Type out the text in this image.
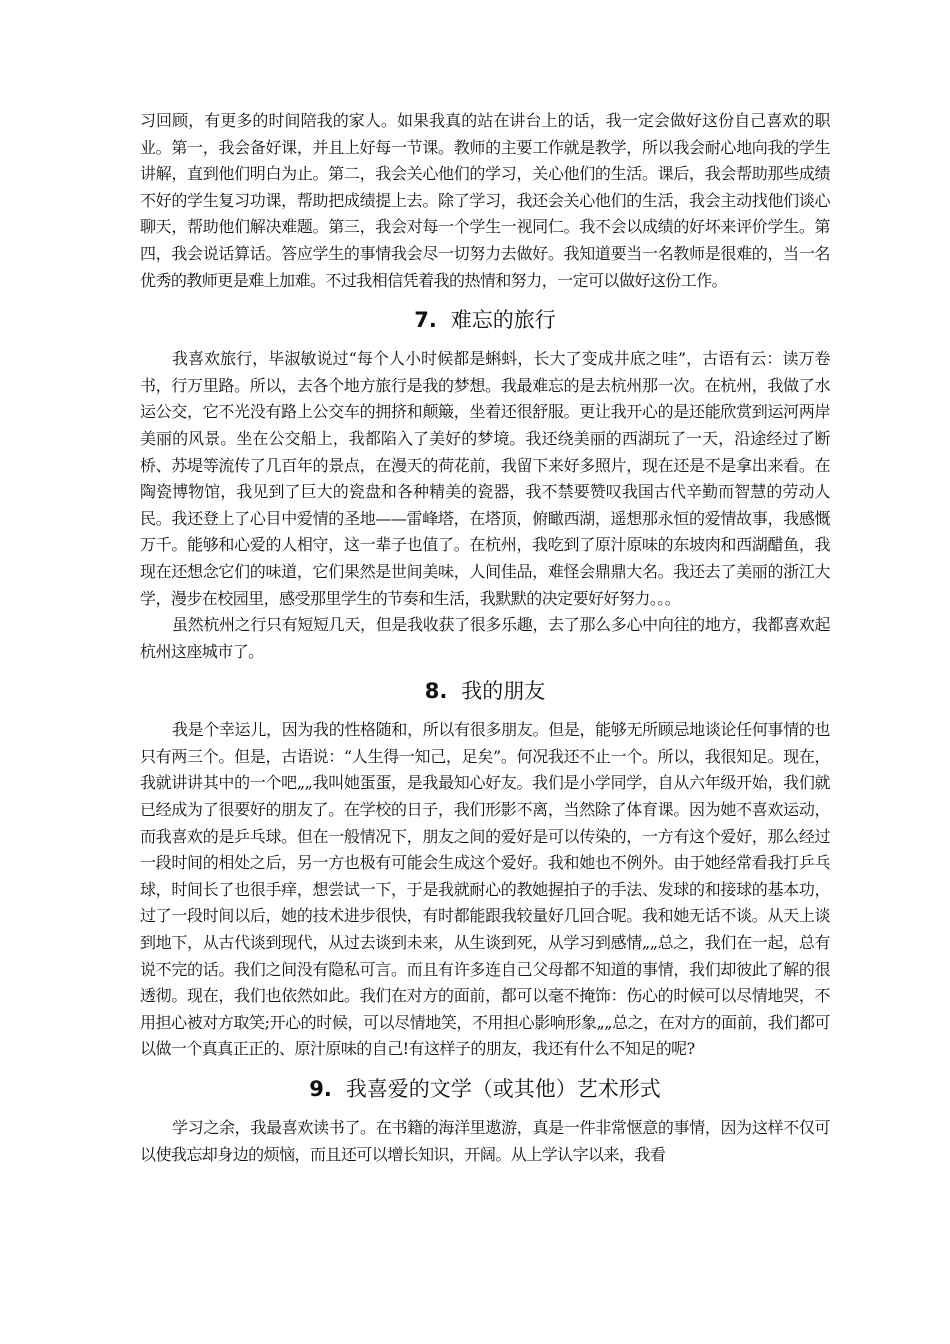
习回顾，有更多的时间陪我的家人。如果我真的站在讲台上的话，我一定会做好这份自己喜欢的职业。第一，我会备好课，并且上好每一节课。教师的主要工作就是教学，所以我会耐心地向我的学生讲解，直到他们明白为止。第二，我会关心他们的学习，关心他们的生活。课后，我会帮助那些成绩不好的学生复习功课，帮助把成绩提上去。除了学习，我还会关心他们的生活，我会主动找他们谈心聊天，帮助他们解决难题。第三，我会对每一个学生一视同仁。我不会以成绩的好坏来评价学生。第四，我会说话算话。答应学生的事情我会尽一切努力去做好。我知道要当一名教师是很难的，当一名优秀的教师更是难上加难。不过我相信凭着我的热情和努力，一定可以做好这份工作。

7. 难忘的旅行

我喜欢旅行，毕淑敏说过“每个人小时候都是蝌蚪，长大了变成井底之哇”，古语有云：读万卷书，行万里路。所以，去各个地方旅行是我的梦想。我最难忘的是去杭州那一次。在杭州，我做了水运公交，它不光没有路上公交车的拥挤和颠簸，坐着还很舒服。更让我开心的是还能欣赏到运河两岸美丽的风景。坐在公交船上，我都陷入了美好的梦境。我还绕美丽的西湖玩了一天，沿途经过了断桥、苏堤等流传了几百年的景点，在漫天的荷花前，我留下来好多照片，现在还是不是拿出来看。在陶瓷博物馆，我见到了巨大的瓷盘和各种精美的瓷器，我不禁要赞叹我国古代辛勤而智慧的劳动人民。我还登上了心目中爱情的圣地——雷峰塔，在塔顶，俯瞰西湖，遥想那永恒的爱情故事，我感慨万千。能够和心爱的人相守，这一辈子也值了。在杭州，我吃到了原汁原味的东坡肉和西湖醋鱼，我现在还想念它们的味道，它们果然是世间美味，人间佳品，难怪会鼎鼎大名。我还去了美丽的浙江大学，漫步在校园里，感受那里学生的节奏和生活，我默默的决定要好好努力。。。

虽然杭州之行只有短短几天，但是我收获了很多乐趣，去了那么多心中向往的地方，我都喜欢起杭州这座城市了。

8. 我的朋友

我是个幸运儿，因为我的性格随和，所以有很多朋友。但是，能够无所顾忌地谈论任何事情的也只有两三个。但是，古语说：“人生得一知己，足矣”。何况我还不止一个。所以，我很知足。现在，我就讲讲其中的一个吧„„我叫她蛋蛋，是我最知心好友。我们是小学同学，自从六年级开始，我们就已经成为了很要好的朋友了。在学校的日子，我们形影不离，当然除了体育课。因为她不喜欢运动，而我喜欢的是乒乓球。但在一般情况下，朋友之间的爱好是可以传染的，一方有这个爱好，那么经过一段时间的相处之后，另一方也极有可能会生成这个爱好。我和她也不例外。由于她经常看我打乒乓球，时间长了也很手痒，想尝试一下，于是我就耐心的教她握拍子的手法、发球的和接球的基本功，过了一段时间以后，她的技术进步很快，有时都能跟我较量好几回合呢。我和她无话不谈。从天上谈到地下，从古代谈到现代，从过去谈到未来，从生谈到死，从学习到感情„„总之，我们在一起，总有说不完的话。我们之间没有隐私可言。而且有许多连自己父母都不知道的事情，我们却彼此了解的很透彻。现在，我们也依然如此。我们在对方的面前，都可以毫不掩饰：伤心的时候可以尽情地哭，不用担心被对方取笑;开心的时候，可以尽情地笑，不用担心影响形象„„总之，在对方的面前，我们都可以做一个真真正正的、原汁原味的自己!有这样子的朋友，我还有什么不知足的呢?

9. 我喜爱的文学（或其他）艺术形式

学习之余，我最喜欢读书了。在书籍的海洋里遨游，真是一件非常惬意的事情，因为这样不仅可以使我忘却身边的烦恼，而且还可以增长知识，开阔。从上学认字以来，我看
